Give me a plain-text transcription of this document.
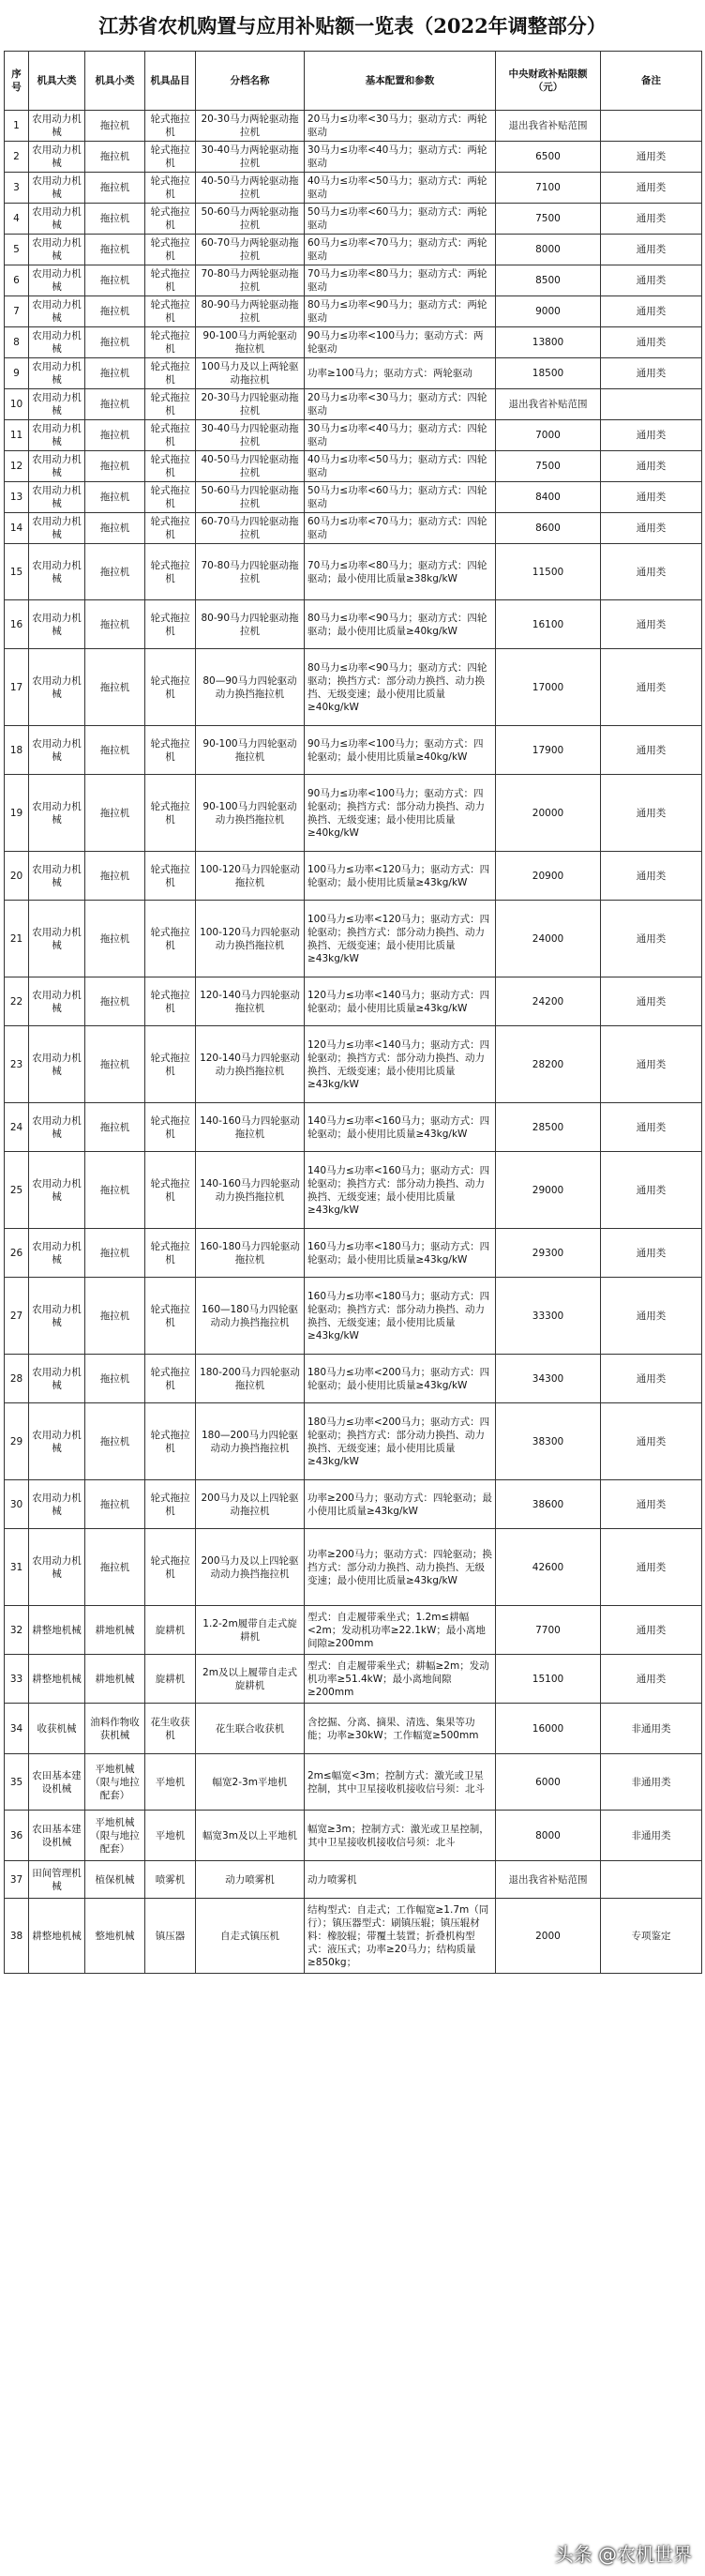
江苏省农机购置与应用补贴额一览表（2022年调整部分）
序号	机具大类	机具小类	机具品目	分档名称	基本配置和参数	中央财政补贴限额（元）	备注
1	农用动力机械	拖拉机	轮式拖拉机	20-30马力两轮驱动拖拉机	20马力≤功率<30马力；驱动方式：两轮驱动	退出我省补贴范围	
2	农用动力机械	拖拉机	轮式拖拉机	30-40马力两轮驱动拖拉机	30马力≤功率<40马力；驱动方式：两轮驱动	6500	通用类
3	农用动力机械	拖拉机	轮式拖拉机	40-50马力两轮驱动拖拉机	40马力≤功率<50马力；驱动方式：两轮驱动	7100	通用类
4	农用动力机械	拖拉机	轮式拖拉机	50-60马力两轮驱动拖拉机	50马力≤功率<60马力；驱动方式：两轮驱动	7500	通用类
5	农用动力机械	拖拉机	轮式拖拉机	60-70马力两轮驱动拖拉机	60马力≤功率<70马力；驱动方式：两轮驱动	8000	通用类
6	农用动力机械	拖拉机	轮式拖拉机	70-80马力两轮驱动拖拉机	70马力≤功率<80马力；驱动方式：两轮驱动	8500	通用类
7	农用动力机械	拖拉机	轮式拖拉机	80-90马力两轮驱动拖拉机	80马力≤功率<90马力；驱动方式：两轮驱动	9000	通用类
8	农用动力机械	拖拉机	轮式拖拉机	90-100马力两轮驱动拖拉机	90马力≤功率<100马力；驱动方式：两轮驱动	13800	通用类
9	农用动力机械	拖拉机	轮式拖拉机	100马力及以上两轮驱动拖拉机	功率≥100马力；驱动方式：两轮驱动	18500	通用类
10	农用动力机械	拖拉机	轮式拖拉机	20-30马力四轮驱动拖拉机	20马力≤功率<30马力；驱动方式：四轮驱动	退出我省补贴范围	
11	农用动力机械	拖拉机	轮式拖拉机	30-40马力四轮驱动拖拉机	30马力≤功率<40马力；驱动方式：四轮驱动	7000	通用类
12	农用动力机械	拖拉机	轮式拖拉机	40-50马力四轮驱动拖拉机	40马力≤功率<50马力；驱动方式：四轮驱动	7500	通用类
13	农用动力机械	拖拉机	轮式拖拉机	50-60马力四轮驱动拖拉机	50马力≤功率<60马力；驱动方式：四轮驱动	8400	通用类
14	农用动力机械	拖拉机	轮式拖拉机	60-70马力四轮驱动拖拉机	60马力≤功率<70马力；驱动方式：四轮驱动	8600	通用类
15	农用动力机械	拖拉机	轮式拖拉机	70-80马力四轮驱动拖拉机	70马力≤功率<80马力；驱动方式：四轮驱动；最小使用比质量≥38kg/kW	11500	通用类
16	农用动力机械	拖拉机	轮式拖拉机	80-90马力四轮驱动拖拉机	80马力≤功率<90马力；驱动方式：四轮驱动；最小使用比质量≥40kg/kW	16100	通用类
17	农用动力机械	拖拉机	轮式拖拉机	80—90马力四轮驱动动力换挡拖拉机	80马力≤功率<90马力；驱动方式：四轮驱动；换挡方式：部分动力换挡、动力换挡、无级变速；最小使用比质量≥40kg/kW	17000	通用类
18	农用动力机械	拖拉机	轮式拖拉机	90-100马力四轮驱动拖拉机	90马力≤功率<100马力；驱动方式：四轮驱动；最小使用比质量≥40kg/kW	17900	通用类
19	农用动力机械	拖拉机	轮式拖拉机	90-100马力四轮驱动动力换挡拖拉机	90马力≤功率<100马力；驱动方式：四轮驱动；换挡方式：部分动力换挡、动力换挡、无级变速；最小使用比质量≥40kg/kW	20000	通用类
20	农用动力机械	拖拉机	轮式拖拉机	100-120马力四轮驱动拖拉机	100马力≤功率<120马力；驱动方式：四轮驱动；最小使用比质量≥43kg/kW	20900	通用类
21	农用动力机械	拖拉机	轮式拖拉机	100-120马力四轮驱动动力换挡拖拉机	100马力≤功率<120马力；驱动方式：四轮驱动；换挡方式：部分动力换挡、动力换挡、无级变速；最小使用比质量≥43kg/kW	24000	通用类
22	农用动力机械	拖拉机	轮式拖拉机	120-140马力四轮驱动拖拉机	120马力≤功率<140马力；驱动方式：四轮驱动；最小使用比质量≥43kg/kW	24200	通用类
23	农用动力机械	拖拉机	轮式拖拉机	120-140马力四轮驱动动力换挡拖拉机	120马力≤功率<140马力；驱动方式：四轮驱动；换挡方式：部分动力换挡、动力换挡、无级变速；最小使用比质量≥43kg/kW	28200	通用类
24	农用动力机械	拖拉机	轮式拖拉机	140-160马力四轮驱动拖拉机	140马力≤功率<160马力；驱动方式：四轮驱动；最小使用比质量≥43kg/kW	28500	通用类
25	农用动力机械	拖拉机	轮式拖拉机	140-160马力四轮驱动动力换挡拖拉机	140马力≤功率<160马力；驱动方式：四轮驱动；换挡方式：部分动力换挡、动力换挡、无级变速；最小使用比质量≥43kg/kW	29000	通用类
26	农用动力机械	拖拉机	轮式拖拉机	160-180马力四轮驱动拖拉机	160马力≤功率<180马力；驱动方式：四轮驱动；最小使用比质量≥43kg/kW	29300	通用类
27	农用动力机械	拖拉机	轮式拖拉机	160—180马力四轮驱动动力换挡拖拉机	160马力≤功率<180马力；驱动方式：四轮驱动；换挡方式：部分动力换挡、动力换挡、无级变速；最小使用比质量≥43kg/kW	33300	通用类
28	农用动力机械	拖拉机	轮式拖拉机	180-200马力四轮驱动拖拉机	180马力≤功率<200马力；驱动方式：四轮驱动；最小使用比质量≥43kg/kW	34300	通用类
29	农用动力机械	拖拉机	轮式拖拉机	180—200马力四轮驱动动力换挡拖拉机	180马力≤功率<200马力；驱动方式：四轮驱动；换挡方式：部分动力换挡、动力换挡、无级变速；最小使用比质量≥43kg/kW	38300	通用类
30	农用动力机械	拖拉机	轮式拖拉机	200马力及以上四轮驱动拖拉机	功率≥200马力；驱动方式：四轮驱动；最小使用比质量≥43kg/kW	38600	通用类
31	农用动力机械	拖拉机	轮式拖拉机	200马力及以上四轮驱动动力换挡拖拉机	功率≥200马力；驱动方式：四轮驱动；换挡方式：部分动力换挡、动力换挡、无级变速；最小使用比质量≥43kg/kW	42600	通用类
32	耕整地机械	耕地机械	旋耕机	1.2-2m履带自走式旋耕机	型式：自走履带乘坐式；1.2m≤耕幅<2m；发动机功率≥22.1kW；最小离地间隙≥200mm	7700	通用类
33	耕整地机械	耕地机械	旋耕机	2m及以上履带自走式旋耕机	型式：自走履带乘坐式；耕幅≥2m；发动机功率≥51.4kW；最小离地间隙≥200mm	15100	通用类
34	收获机械	油料作物收获机械	花生收获机	花生联合收获机	含挖掘、分离、摘果、清选、集果等功能；功率≥30kW；工作幅宽≥500mm	16000	非通用类
35	农田基本建设机械	平地机械（限与地拉配套）	平地机	幅宽2-3m平地机	2m≤幅宽<3m；控制方式：激光或卫星控制，其中卫星接收机接收信号须：北斗	6000	非通用类
36	农田基本建设机械	平地机械（限与地拉配套）	平地机	幅宽3m及以上平地机	幅宽≥3m；控制方式：激光或卫星控制，其中卫星接收机接收信号须：北斗	8000	非通用类
37	田间管理机械	植保机械	喷雾机	动力喷雾机	动力喷雾机	退出我省补贴范围	
38	耕整地机械	整地机械	镇压器	自走式镇压机	结构型式：自走式；工作幅宽≥1.7m（同行）；镇压器型式：刷镇压辊；镇压辊材料：橡胶辊；带覆土装置；折叠机构型式：液压式；功率≥20马力；结构质量≥850kg；	2000	专项鉴定
头条 @农机世界
